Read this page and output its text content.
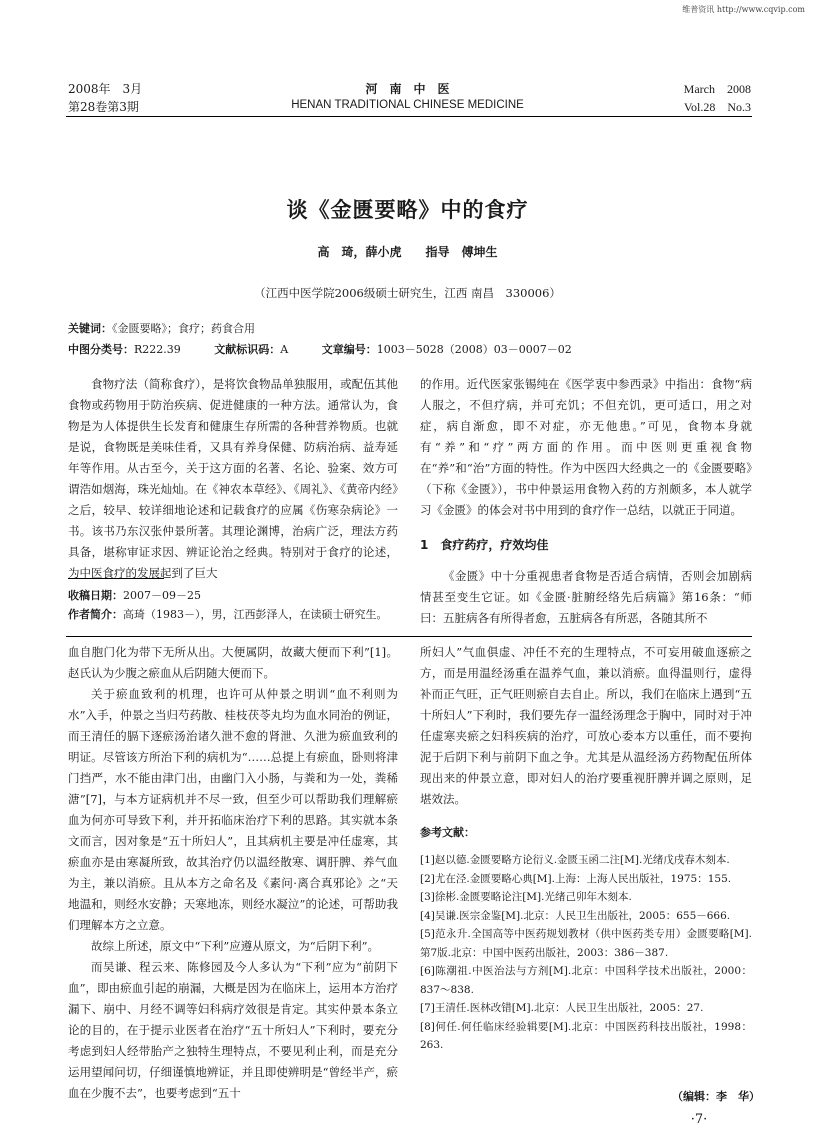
维普资讯 http://www.cqvip.com
2008年　3月
第28卷第3期
河　南　中　医
HENAN TRADITIONAL CHINESE MEDICINE
March　2008
Vol.28　No.3
谈《金匮要略》中的食疗
高　琦，薛小虎　　指导　傅坤生
（江西中医学院2006级硕士研究生，江西 南昌　330006）
关键词：《金匮要略》；食疗；药食合用
中图分类号：R222.39	文献标识码：A	文章编号：1003－5028（2008）03－0007－02

食物疗法（简称食疗），是将饮食物品单独服用，或配伍其他食物或药物用于防治疾病、促进健康的一种方法。通常认为，食物是为人体提供生长发育和健康生存所需的各种营养物质。也就是说，食物既是美味佳肴，又具有养身保健、防病治病、益寿延年等作用。从古至今，关于这方面的名著、名论、验案、效方可谓浩如烟海，珠光灿灿。在《神农本草经》、《周礼》、《黄帝内经》之后，较早、较详细地论述和记载食疗的应属《伤寒杂病论》一书。该书乃东汉张仲景所著。其理论渊博，治病广泛，理法方药具备，堪称审证求因、辨证论治之经典。特别对于食疗的论述，为中医食疗的发展起到了巨大

的作用。近代医家张锡纯在《医学衷中参西录》中指出：食物“病人服之，不但疗病，并可充饥；不但充饥，更可适口，用之对症，病自渐愈，即不对症，亦无他患。”可见，食物本身就有“养”和“疗”两方面的作用。而中医则更重视食物在“养”和“治”方面的特性。作为中医四大经典之一的《金匮要略》（下称《金匮》），书中仲景运用食物入药的方剂颇多，本人就学习《金匮》的体会对书中用到的食疗作一总结，以就正于同道。

1　食疗药疗，疗效均佳

《金匮》中十分重视患者食物是否适合病情，否则会加剧病情甚至变生它证。如《金匮·脏腑经络先后病篇》第16条：“师曰：五脏病各有所得者愈，五脏病各有所恶，各随其所不

收稿日期：2007－09－25
作者简介：高琦（1983－），男，江西彭泽人，在读硕士研究生。

血自胞门化为带下无所从出。大便属阴，故藏大便而下利”[1]。赵氏认为少腹之瘀血从后阴随大便而下。

关于瘀血致利的机理，也许可从仲景之明训“血不利则为水”入手，仲景之当归芍药散、桂枝茯苓丸均为血水同治的例证，而王清任的膈下逐瘀汤治诸久泄不愈的肾泄、久泄为瘀血致利的明证。尽管该方所治下利的病机为“……总提上有瘀血，卧则将津门挡严，水不能由津门出，由幽门入小肠，与粪和为一处，粪稀溏”[7]，与本方证病机并不尽一致，但至少可以帮助我们理解瘀血为何亦可导致下利，并开拓临床治疗下利的思路。其实就本条文而言，因对象是“五十所妇人”，且其病机主要是冲任虚寒，其瘀血亦是由寒凝所致，故其治疗仍以温经散寒、调肝脾、养气血为主，兼以消瘀。且从本方之命名及《素问·离合真邪论》之“天地温和，则经水安静；天寒地冻，则经水凝泣”的论述，可帮助我们理解本方之立意。

故综上所述，原文中“下利”应遵从原文，为“后阴下利”。

而吴谦、程云来、陈修园及今人多认为“下利”应为“前阴下血”，即由瘀血引起的崩漏，大概是因为在临床上，运用本方治疗漏下、崩中、月经不调等妇科病疗效很是肯定。其实仲景本条立论的目的，在于提示业医者在治疗“五十所妇人”下利时，要充分考虑到妇人经带胎产之独特生理特点，不要见利止利，而是充分运用望闻问切，仔细谨慎地辨证，并且即使辨明是“曾经半产，瘀血在少腹不去”，也要考虑到“五十

所妇人”气血俱虚、冲任不充的生理特点，不可妄用破血逐瘀之方，而是用温经汤重在温养气血，兼以消瘀。血得温则行，虚得补而正气旺，正气旺则瘀自去自止。所以，我们在临床上遇到“五十所妇人”下利时，我们要先存一温经汤理念于胸中，同时对于冲任虚寒夹瘀之妇科疾病的治疗，可放心委本方以重任，而不要拘泥于后阴下利与前阴下血之争。尤其是从温经汤方药物配伍所体现出来的仲景立意，即对妇人的治疗要重视肝脾并调之原则，足堪效法。

参考文献：
[1]赵以德.金匮要略方论衍义.金匮玉函二注[M].光绪戊戌春木刻本.
[2]尤在泾.金匮要略心典[M].上海：上海人民出版社，1975：155.
[3]徐彬.金匮要略论注[M].光绪己卯年木刻本.
[4]吴谦.医宗金鉴[M].北京：人民卫生出版社，2005：655－666.
[5]范永升.全国高等中医药规划教材（供中医药类专用）金匮要略[M].第7版.北京：中国中医药出版社，2003：386－387.
[6]陈潮祖.中医治法与方剂[M].北京：中国科学技术出版社，2000：837～838.
[7]王清任.医林改错[M].北京：人民卫生出版社，2005：27.
[8]何任.何任临床经验辑要[M].北京：中国医药科技出版社，1998：263.
（编辑：李　华）
·7·
